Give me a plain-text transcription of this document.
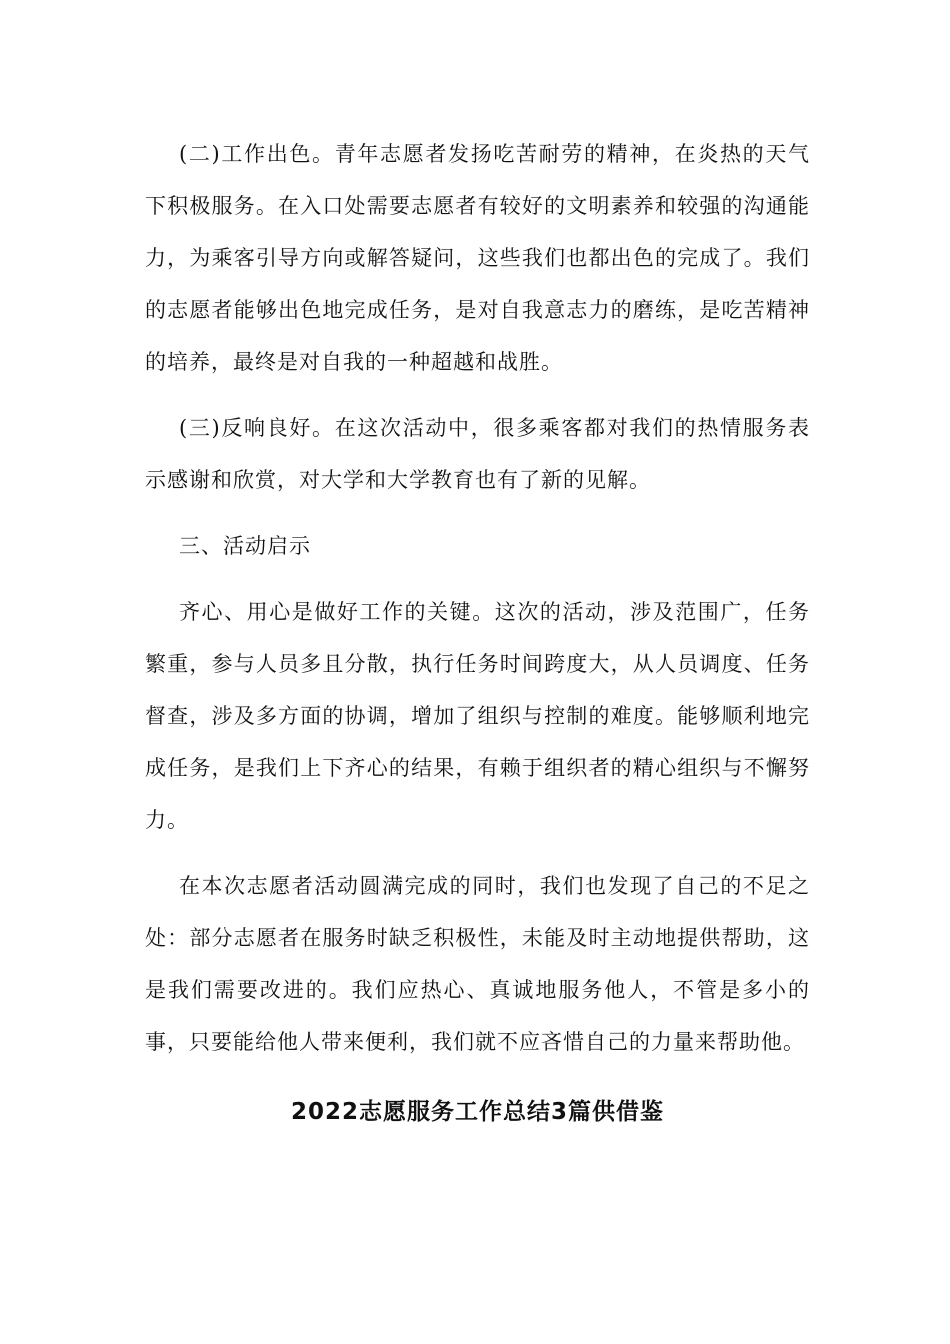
(二)工作出色。青年志愿者发扬吃苦耐劳的精神，在炎热的天气下积极服务。在入口处需要志愿者有较好的文明素养和较强的沟通能力，为乘客引导方向或解答疑问，这些我们也都出色的完成了。我们的志愿者能够出色地完成任务，是对自我意志力的磨练，是吃苦精神的培养，最终是对自我的一种超越和战胜。

(三)反响良好。在这次活动中，很多乘客都对我们的热情服务表示感谢和欣赏，对大学和大学教育也有了新的见解。

三、活动启示

齐心、用心是做好工作的关键。这次的活动，涉及范围广，任务繁重，参与人员多且分散，执行任务时间跨度大，从人员调度、任务督查，涉及多方面的协调，增加了组织与控制的难度。能够顺利地完成任务，是我们上下齐心的结果，有赖于组织者的精心组织与不懈努力。

在本次志愿者活动圆满完成的同时，我们也发现了自己的不足之处：部分志愿者在服务时缺乏积极性，未能及时主动地提供帮助，这是我们需要改进的。我们应热心、真诚地服务他人，不管是多小的事，只要能给他人带来便利，我们就不应吝惜自己的力量来帮助他。

2022志愿服务工作总结3篇供借鉴
